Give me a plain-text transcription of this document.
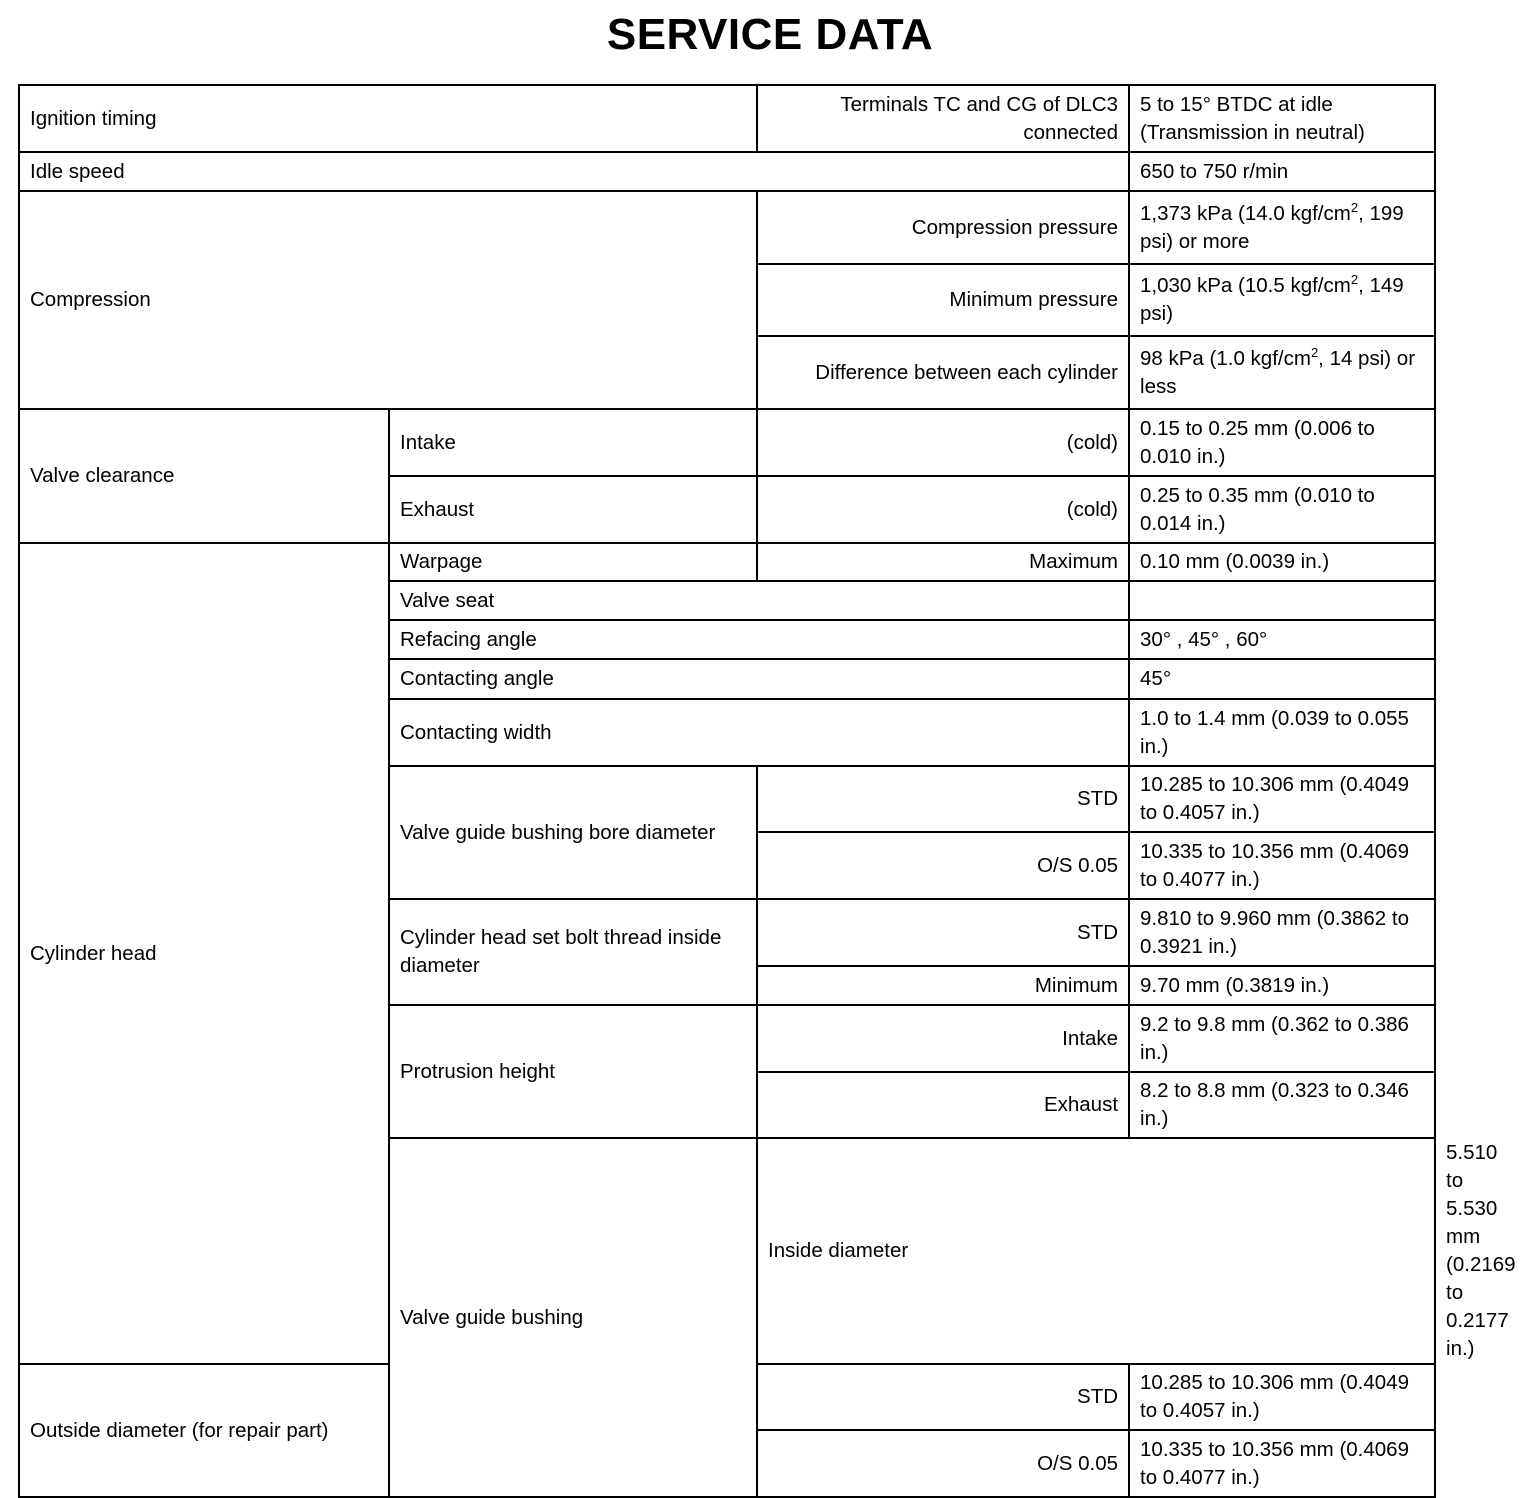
SERVICE DATA
Ignition timing		Terminals TC and CG of DLC3 connected	5 to 15° BTDC at idle (Transmission in neutral)	
Idle speed			650 to 750 r/min	
Compression		Compression pressure	1,373 kPa (14.0 kgf/$cm^2$, 199 psi) or more	
		Minimum pressure	1,030 kPa (10.5 kgf/$cm^2$, 149 psi)	
		Difference between each cylinder	98 kPa (1.0 kgf/$cm^2$, 14 psi) or less	
Valve clearance	Intake	(cold)	0.15 to 0.25 mm (0.006 to 0.010 in.)	
	Exhaust	(cold)	0.25 to 0.35 mm (0.010 to 0.014 in.)	
Cylinder head	Warpage	Maximum	0.10 mm (0.0039 in.)	
	Valve seat			
	Refacing angle		30° , 45° , 60°	
	Contacting angle		45°	
	Contacting width		1.0 to 1.4 mm (0.039 to 0.055 in.)	
	Valve guide bushing bore diameter	STD	10.285 to 10.306 mm (0.4049 to 0.4057 in.)	
		O/S 0.05	10.335 to 10.356 mm (0.4069 to 0.4077 in.)	
	Cylinder head set bolt thread inside diameter	STD	9.810 to 9.960 mm (0.3862 to 0.3921 in.)	
		Minimum	9.70 mm (0.3819 in.)	
	Protrusion height	Intake	9.2 to 9.8 mm (0.362 to 0.386 in.)	
		Exhaust	8.2 to 8.8 mm (0.323 to 0.346 in.)	
	Valve guide bushing	Inside diameter		5.510 to 5.530 mm (0.2169 to 0.2177 in.)
Outside diameter (for repair part)		STD	10.285 to 10.306 mm (0.4049 to 0.4057 in.)	
		O/S 0.05	10.335 to 10.356 mm (0.4069 to 0.4077 in.)	
